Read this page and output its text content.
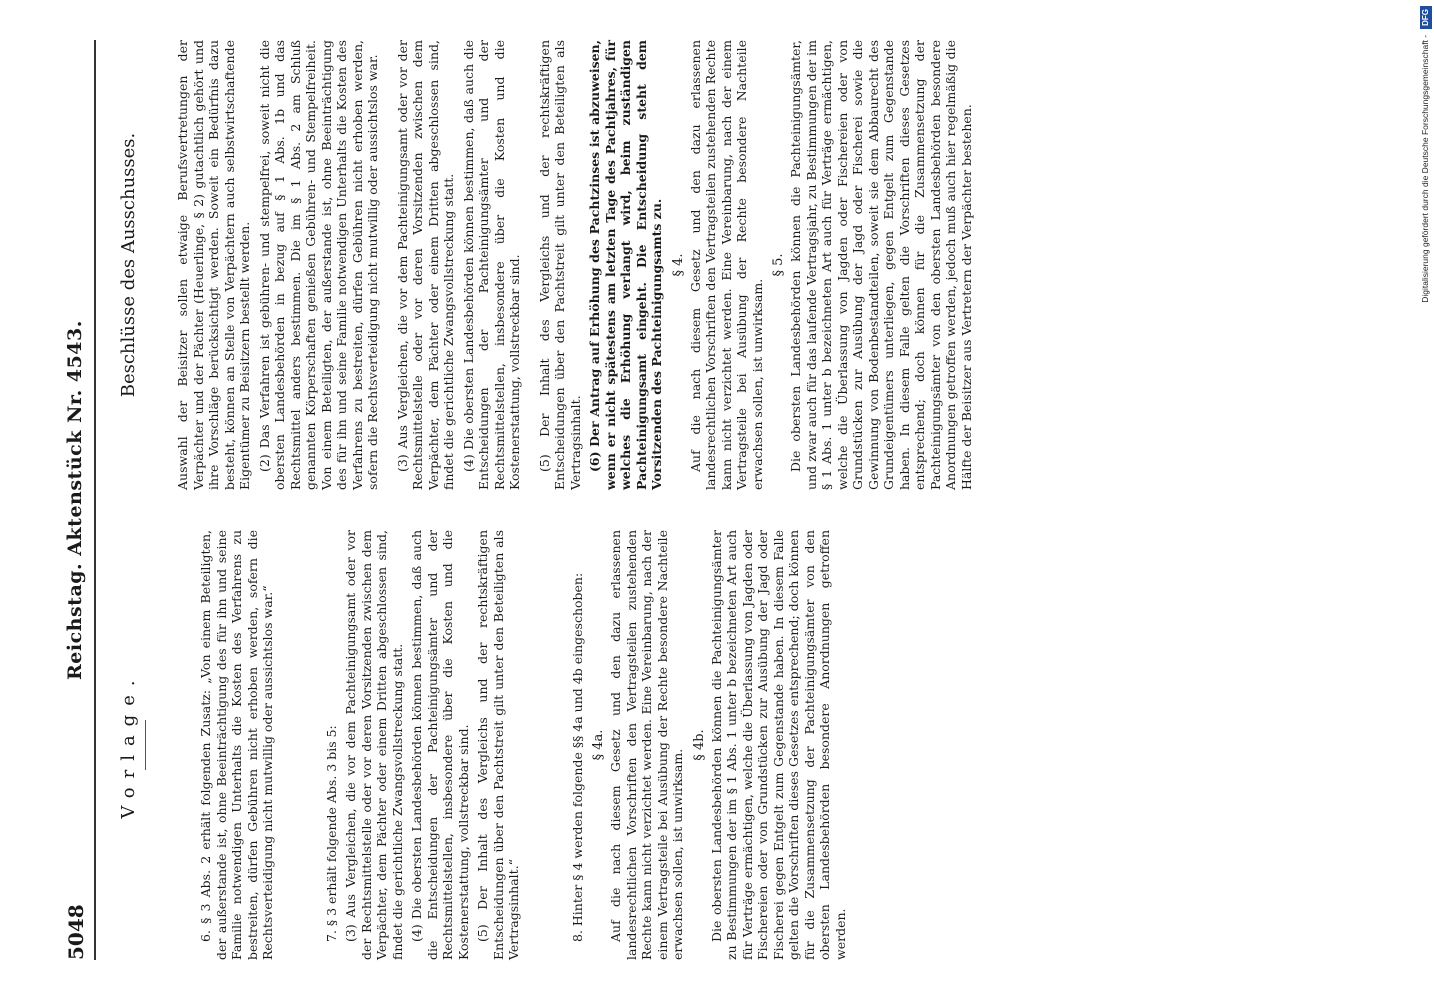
5048
Reichstag. Aktenstück Nr. 4543.

Vorlage.	6. § 3 Abs. 2 erhält folgenden Zusatz: „Von einem Beteiligten, der außerstande ist, ohne Beeinträchtigung des für ihn und seine Familie notwendigen Unterhalts die Kosten des Verfahrens zu bestreiten, dürfen Gebühren nicht erhoben werden, sofern die Rechtsverteidigung nicht mutwillig oder aussichtslos war.“	7. § 3 erhält folgende Abs. 3 bis 5: (3) Aus Vergleichen, die vor dem Pachteinigungsamt oder vor der Rechtsmittelstelle oder vor deren Vorsitzenden zwischen dem Verpächter, dem Pächter oder einem Dritten abgeschlossen sind, findet die gerichtliche Zwangsvollstreckung statt. (4) Die obersten Landesbehörden können bestimmen, daß auch die Entscheidungen der Pachteinigungsämter und der Rechtsmittelstellen, insbesondere über die Kosten und die Kostenerstattung, vollstreckbar sind. (5) Der Inhalt des Vergleichs und der rechtskräftigen Entscheidungen über den Pachtstreit gilt unter den Beteiligten als Vertragsinhalt.“	8. Hinter § 4 werden folgende §§ 4a und 4b eingeschoben: § 4a. Auf die nach diesem Gesetz und den dazu erlassenen landesrechtlichen Vorschriften den Vertragsteilen zustehenden Rechte kann nicht verzichtet werden. Eine Vereinbarung, nach der einem Vertragsteile bei Ausübung der Rechte besondere Nachteile erwachsen sollen, ist unwirksam.

§ 4b. Die obersten Landesbehörden können die Pachteinigungsämter zu Bestimmungen der im § 1 Abs. 1 unter b bezeichneten Art auch für Verträge ermächtigen, welche die Überlassung von Jagden oder Fischereien oder von Grundstücken zur Ausübung der Jagd oder Fischerei gegen Entgelt zum Gegenstande haben. In diesem Falle gelten die Vorschriften dieses Gesetzes entsprechend; doch können für die Zusammensetzung der Pachteinigungsämter von den obersten Landesbehörden besondere Anordnungen getroffen werden.

Beschlüsse des Ausschusses.	Auswahl der Beisitzer sollen etwaige Berufsvertretungen der Verpächter und der Pächter (Heuerlinge, § 2) gutachtlich gehört und ihre Vorschläge berücksichtigt werden. Soweit ein Bedürfnis dazu besteht, können an Stelle von Verpächtern auch selbstwirtschaftende Eigentümer zu Beisitzern bestellt werden. (2) Das Verfahren ist gebühren- und stempelfrei, soweit nicht die obersten Landesbehörden in bezug auf § 1 Abs. 1b und das Rechtsmittel anders bestimmen. Die im § 1 Abs. 2 am Schluß genannten Körperschaften genießen Gebühren- und Stempelfreiheit. Von einem Beteiligten, der außerstande ist, ohne Beeinträchtigung des für ihn und seine Familie notwendigen Unterhalts die Kosten des Verfahrens zu bestreiten, dürfen Gebühren nicht erhoben werden, sofern die Rechtsverteidigung nicht mutwillig oder aussichtslos war. (3) Aus Vergleichen, die vor dem Pachteinigungsamt oder vor der Rechtsmittelstelle oder vor deren Vorsitzenden zwischen dem Verpächter, dem Pächter oder einem Dritten abgeschlossen sind, findet die gerichtliche Zwangsvollstreckung statt. (4) Die obersten Landesbehörden können bestimmen, daß auch die Entscheidungen der Pachteinigungsämter und der Rechtsmittelstellen, insbesondere über die Kosten und die Kostenerstattung, vollstreckbar sind. (5) Der Inhalt des Vergleichs und der rechtskräftigen Entscheidungen über den Pachtstreit gilt unter den Beteiligten als Vertragsinhalt. (6) Der Antrag auf Erhöhung des Pachtzinses ist abzuweisen, wenn er nicht spätestens am letzten Tage des Pachtjahres, für welches die Erhöhung verlangt wird, beim zuständigen Pachteinigungsamt eingeht. Die Entscheidung steht dem Vorsitzenden des Pachteinigungsamts zu. § 4. Auf die nach diesem Gesetz und den dazu erlassenen landesrechtlichen Vorschriften den Vertragsteilen zustehenden Rechte kann nicht verzichtet werden. Eine Vereinbarung, nach der einem Vertragsteile bei Ausübung der Rechte besondere Nachteile erwachsen sollen, ist unwirksam.

§ 5. Die obersten Landesbehörden können die Pachteinigungsämter, und zwar auch für das laufende Vertragsjahr, zu Bestimmungen der im § 1 Abs. 1 unter b bezeichneten Art auch für Verträge ermächtigen, welche die Überlassung von Jagden oder Fischereien oder von Grundstücken zur Ausübung der Jagd oder Fischerei sowie die Gewinnung von Bodenbestandteilen, soweit sie dem Abbaurecht des Grundeigentümers unterliegen, gegen Entgelt zum Gegenstande haben. In diesem Falle gelten die Vorschriften dieses Gesetzes entsprechend; doch können für die Zusammensetzung der Pachteinigungsämter von den obersten Landesbehörden besondere Anordnungen getroffen werden, jedoch muß auch hier regelmäßig die Hälfte der Beisitzer aus Vertretern der Verpächter bestehen.	Digitalisierung gefördert durch die Deutsche Forschungsgemeinschaft -DFG
